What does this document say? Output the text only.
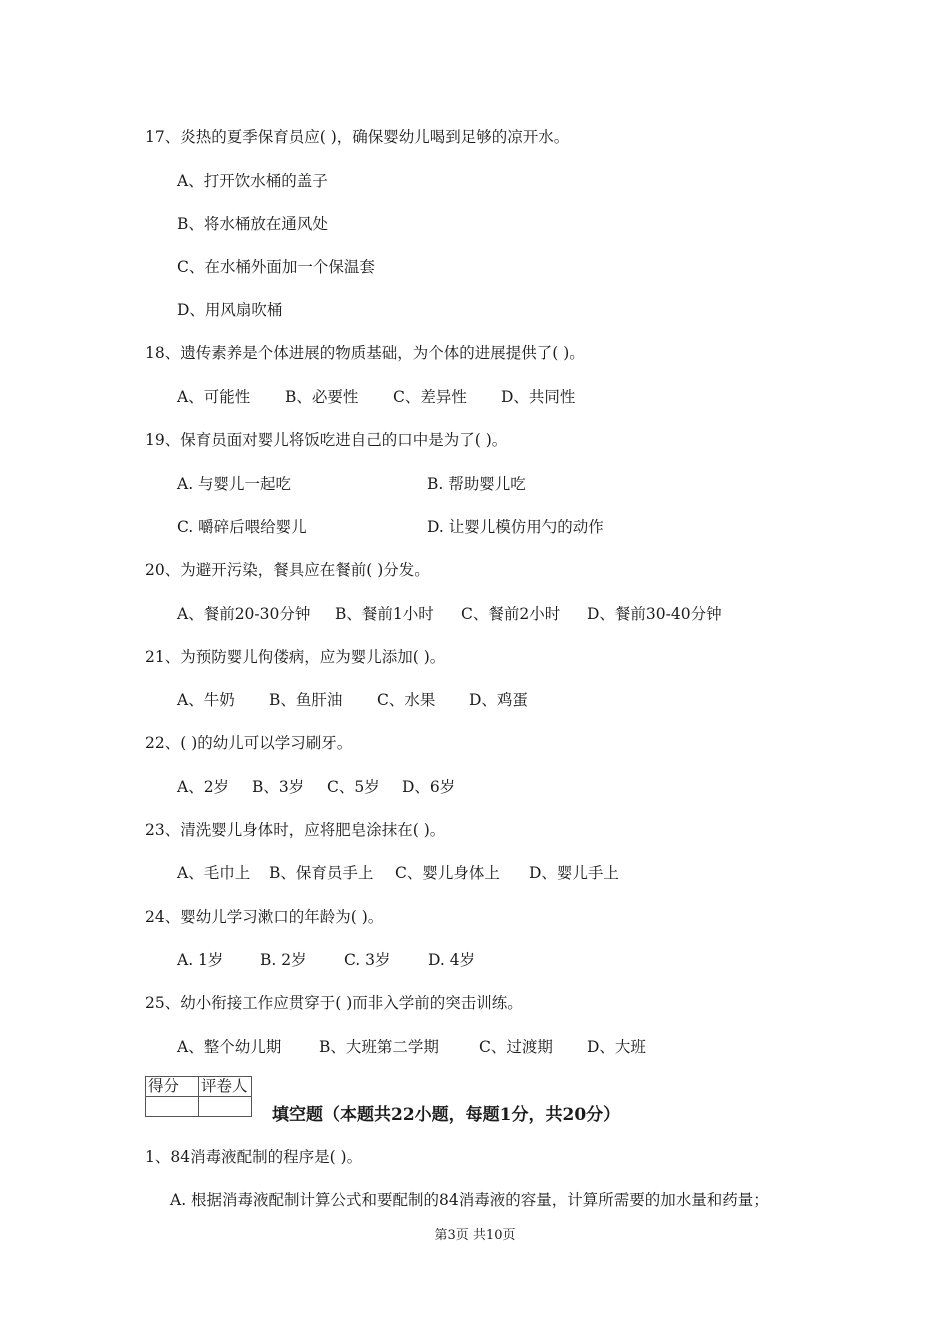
17、炎热的夏季保育员应( )，确保婴幼儿喝到足够的凉开水。
A、打开饮水桶的盖子
B、将水桶放在通风处
C、在水桶外面加一个保温套
D、用风扇吹桶
18、遗传素养是个体进展的物质基础，为个体的进展提供了( )。
A、可能性 B、必要性 C、差异性 D、共同性
19、保育员面对婴儿将饭吃进自己的口中是为了( )。
A. 与婴儿一起吃	B. 帮助婴儿吃
C. 嚼碎后喂给婴儿	D. 让婴儿模仿用勺的动作
20、为避开污染，餐具应在餐前( )分发。
A、餐前20-30分钟 B、餐前1小时 C、餐前2小时 D、餐前30-40分钟
21、为预防婴儿佝偻病，应为婴儿添加( )。
A、牛奶 B、鱼肝油 C、水果 D、鸡蛋
22、( )的幼儿可以学习刷牙。
A、2岁 B、3岁 C、5岁 D、6岁
23、清洗婴儿身体时，应将肥皂涂抹在( )。
A、毛巾上 B、保育员手上 C、婴儿身体上 D、婴儿手上
24、婴幼儿学习漱口的年龄为( )。
A. 1岁 B. 2岁 C. 3岁 D. 4岁
25、幼小衔接工作应贯穿于( )而非入学前的突击训练。
A、整个幼儿期 B、大班第二学期	C、过渡期 D、大班
得分	评卷人

填空题（本题共22小题，每题1分，共20分）
1、84消毒液配制的程序是( )。
A. 根据消毒液配制计算公式和要配制的84消毒液的容量，计算所需要的加水量和药量；
第3页 共10页
